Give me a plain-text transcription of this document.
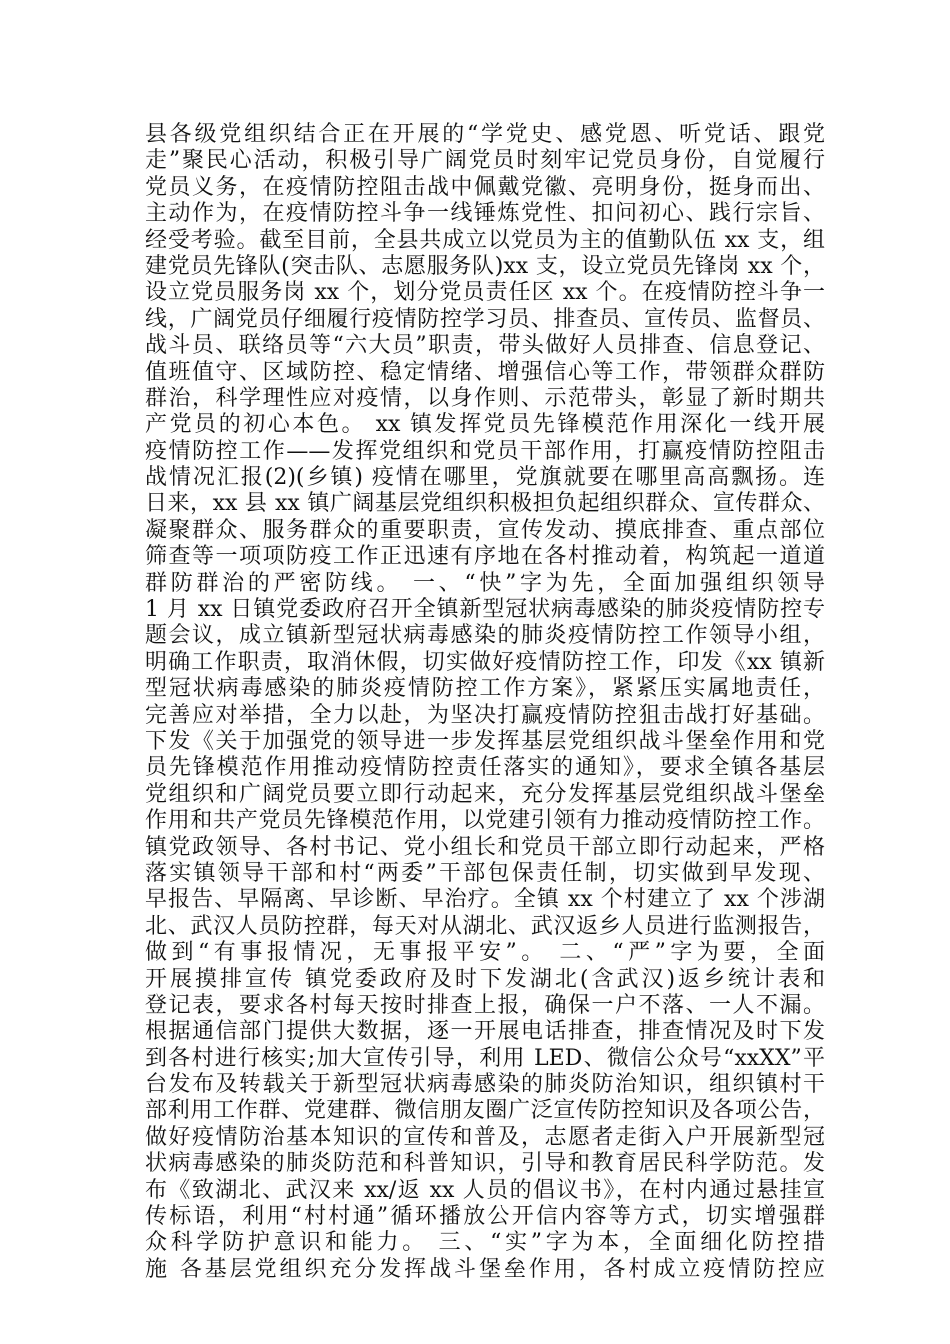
县各级党组织结合正在开展的“学党史、感党恩、听党话、跟党
走”聚民心活动，积极引导广阔党员时刻牢记党员身份，自觉履行
党员义务，在疫情防控阻击战中佩戴党徽、亮明身份，挺身而出、
主动作为，在疫情防控斗争一线锤炼党性、扣问初心、践行宗旨、
经受考验。截至目前，全县共成立以党员为主的值勤队伍 xx 支，组
建党员先锋队(突击队、志愿服务队)xx 支，设立党员先锋岗 xx 个，
设立党员服务岗 xx 个，划分党员责任区 xx 个。在疫情防控斗争一
线，广阔党员仔细履行疫情防控学习员、排查员、宣传员、监督员、
战斗员、联络员等“六大员”职责，带头做好人员排查、信息登记、
值班值守、区域防控、稳定情绪、增强信心等工作，带领群众群防
群治，科学理性应对疫情，以身作则、示范带头，彰显了新时期共
产党员的初心本色。 xx 镇发挥党员先锋模范作用深化一线开展
疫情防控工作——发挥党组织和党员干部作用，打赢疫情防控阻击
战情况汇报(2)(乡镇) 疫情在哪里，党旗就要在哪里高高飘扬。连
日来，xx 县 xx 镇广阔基层党组织积极担负起组织群众、宣传群众、
凝聚群众、服务群众的重要职责，宣传发动、摸底排查、重点部位
筛查等一项项防疫工作正迅速有序地在各村推动着，构筑起一道道
群防群治的严密防线。 一、“快”字为先，全面加强组织领导
1 月 xx 日镇党委政府召开全镇新型冠状病毒感染的肺炎疫情防控专
题会议，成立镇新型冠状病毒感染的肺炎疫情防控工作领导小组，
明确工作职责，取消休假，切实做好疫情防控工作，印发《xx 镇新
型冠状病毒感染的肺炎疫情防控工作方案》，紧紧压实属地责任，
完善应对举措，全力以赴，为坚决打赢疫情防控狙击战打好基础。
下发《关于加强党的领导进一步发挥基层党组织战斗堡垒作用和党
员先锋模范作用推动疫情防控责任落实的通知》，要求全镇各基层
党组织和广阔党员要立即行动起来，充分发挥基层党组织战斗堡垒
作用和共产党员先锋模范作用，以党建引领有力推动疫情防控工作。
镇党政领导、各村书记、党小组长和党员干部立即行动起来，严格
落实镇领导干部和村“两委”干部包保责任制，切实做到早发现、
早报告、早隔离、早诊断、早治疗。全镇 xx 个村建立了 xx 个涉湖
北、武汉人员防控群，每天对从湖北、武汉返乡人员进行监测报告，
做到“有事报情况，无事报平安”。 二、“严”字为要，全面
开展摸排宣传 镇党委政府及时下发湖北(含武汉)返乡统计表和
登记表，要求各村每天按时排查上报，确保一户不落、一人不漏。
根据通信部门提供大数据，逐一开展电话排查，排查情况及时下发
到各村进行核实;加大宣传引导，利用 LED、微信公众号“xxXX”平
台发布及转载关于新型冠状病毒感染的肺炎防治知识，组织镇村干
部利用工作群、党建群、微信朋友圈广泛宣传防控知识及各项公告，
做好疫情防治基本知识的宣传和普及，志愿者走街入户开展新型冠
状病毒感染的肺炎防范和科普知识，引导和教育居民科学防范。发
布《致湖北、武汉来 xx/返 xx 人员的倡议书》，在村内通过悬挂宣
传标语，利用“村村通”循环播放公开信内容等方式，切实增强群
众科学防护意识和能力。 三、“实”字为本，全面细化防控措
施 各基层党组织充分发挥战斗堡垒作用，各村成立疫情防控应
